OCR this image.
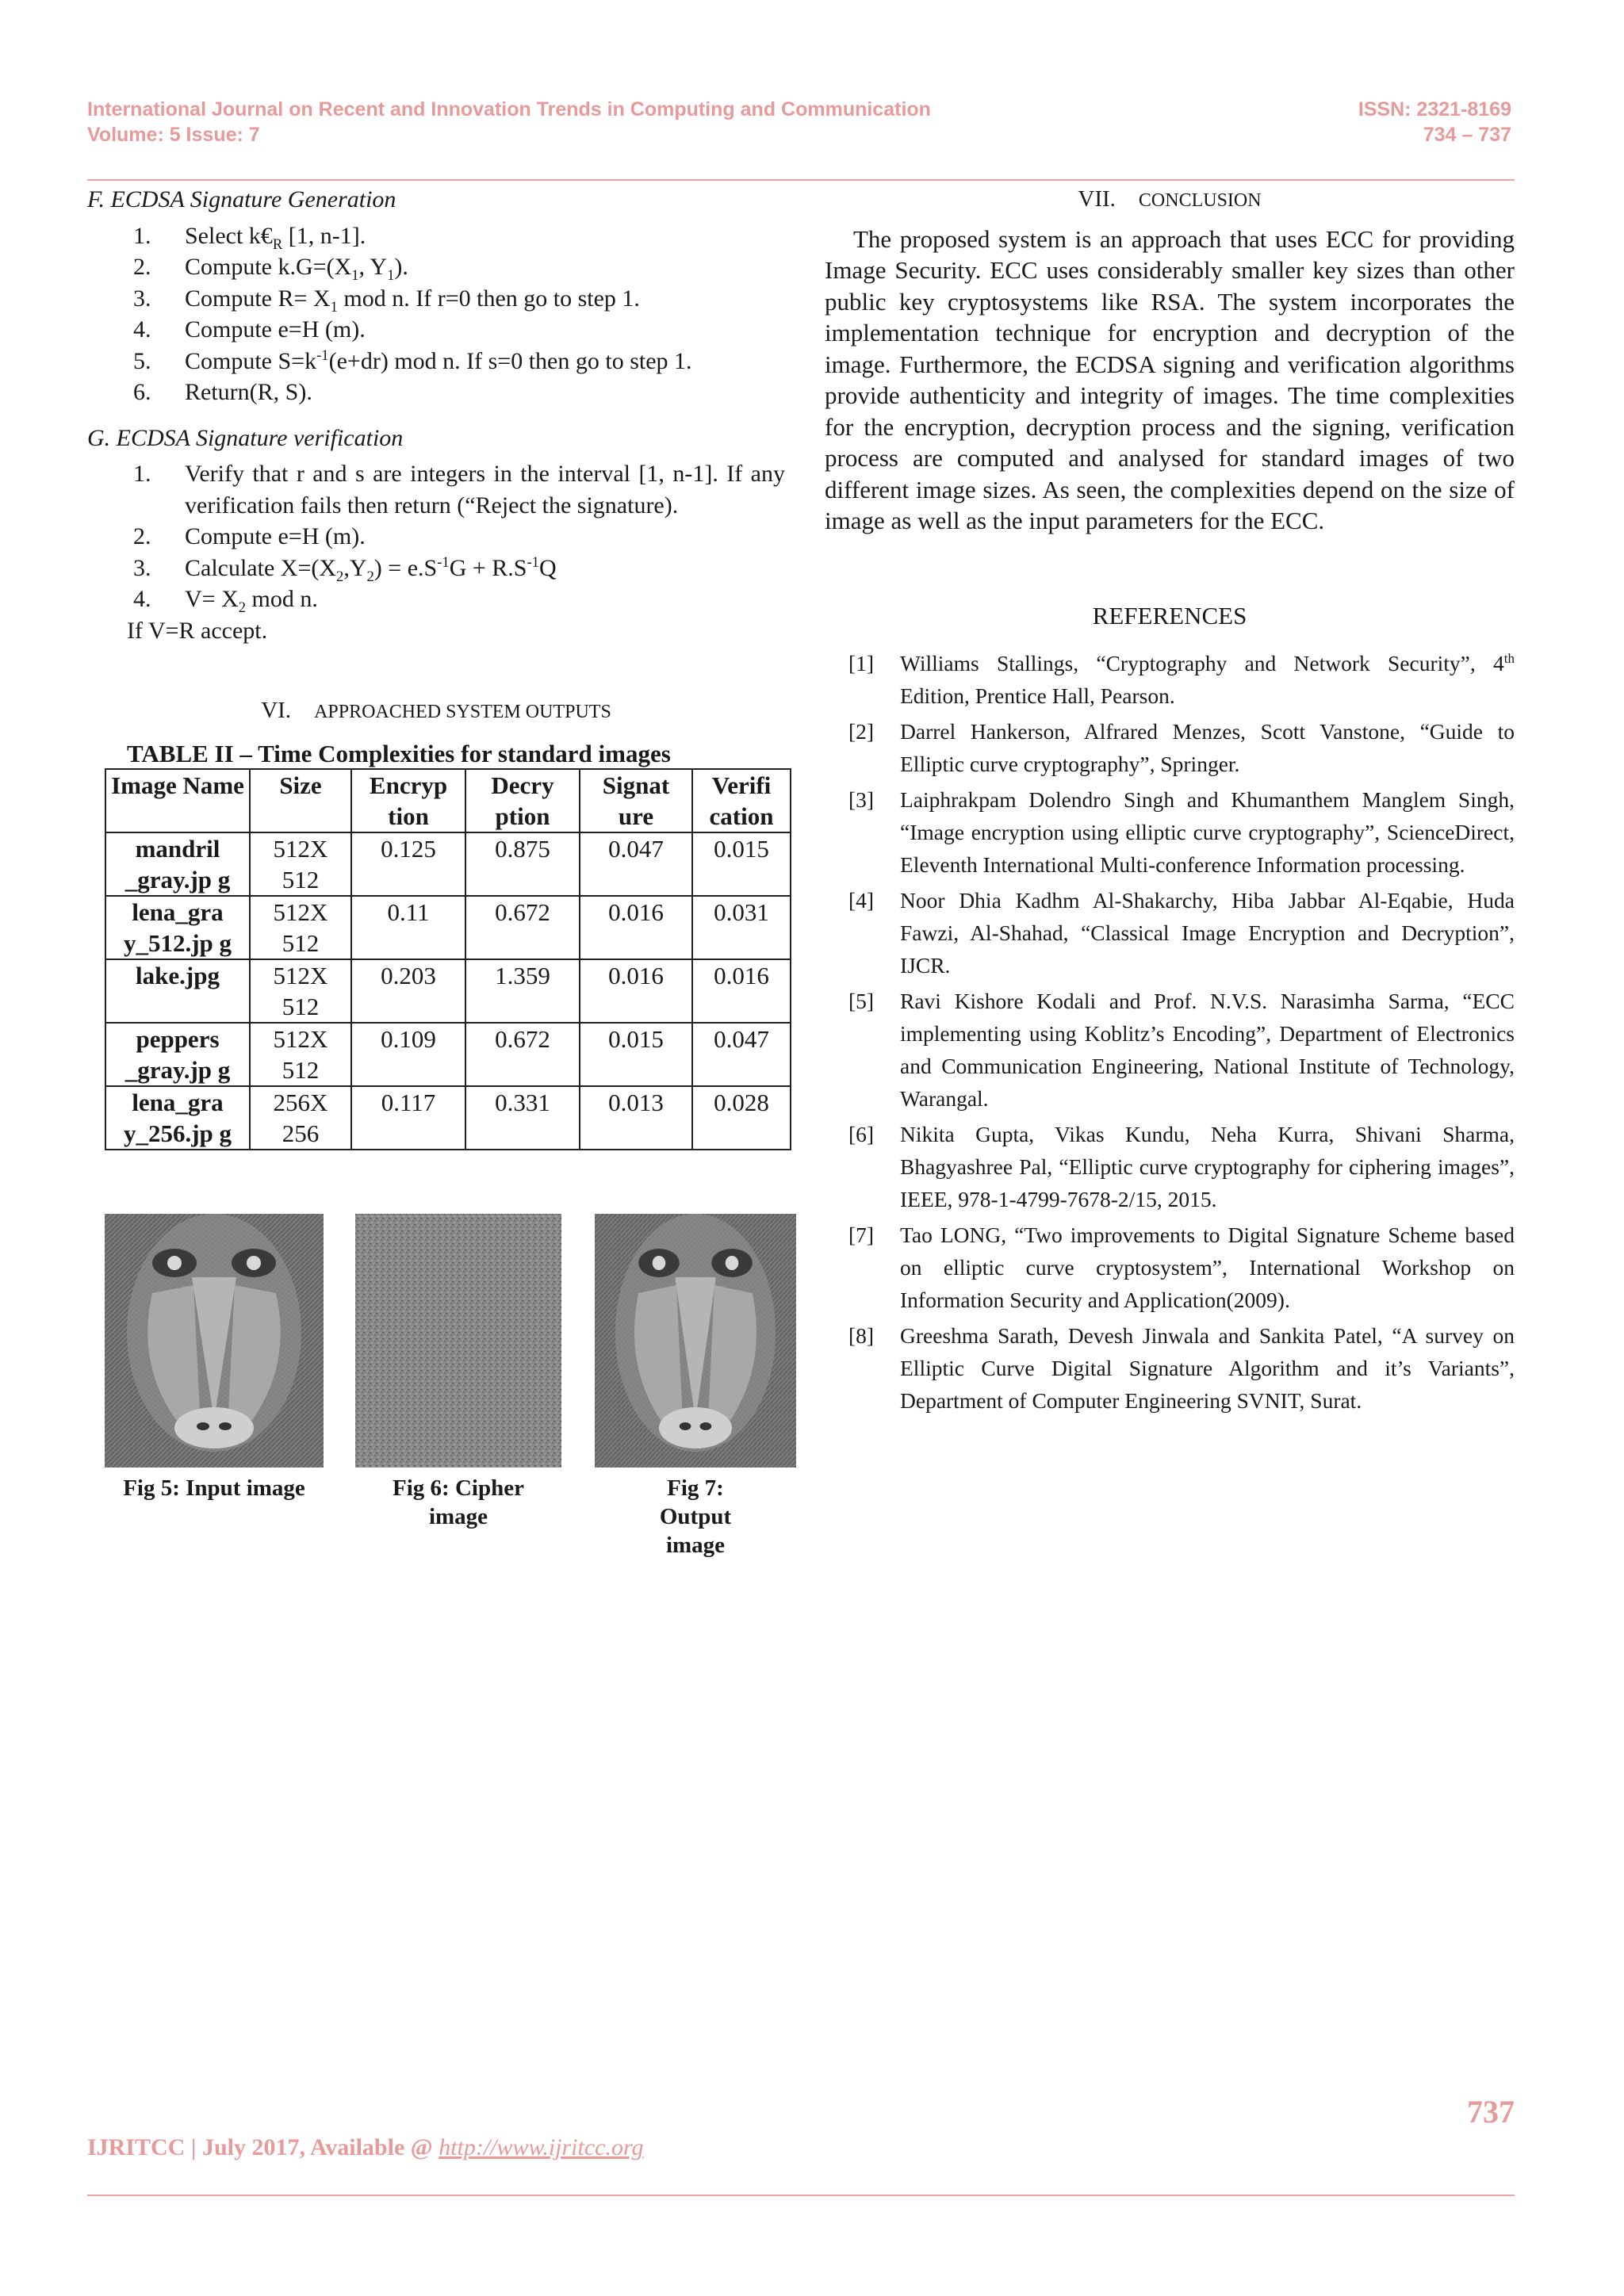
International Journal on Recent and Innovation Trends in Computing and Communication
Volume: 5 Issue: 7
ISSN: 2321-8169
734 – 737

F. ECDSA Signature Generation

1. Select $k€_R$ [1, n-1].
2. Compute $k.G=(X_1$, $Y_1$).
3. Compute $R= X_1$ mod n. If r=0 then go to step 1.
4. Compute e=H (m).
5. Compute $S=k^{-1}(e+dr)$ mod n. If s=0 then go to step 1.
6. Return(R, S).

G. ECDSA Signature verification

1. Verify that r and s are integers in the interval [1, n-1]. If any verification fails then return (“Reject the signature).
2. Compute e=H (m).
3. Calculate $X=(X_2,Y_2) = e.S^{-1}G + R.S^{-1}Q$
4. $V= X_2$ mod n.
If V=R accept.
VI. APPROACHED SYSTEM OUTPUTS
TABLE II – Time Complexities for standard images
Image Name	Size	Encryp tion	Decry ption	Signat ure	Verifi cation
mandril _gray.jp g	512X 512	0.125	0.875	0.047	0.015
lena_gra y_512.jp g	512X 512	0.11	0.672	0.016	0.031
lake.jpg	512X 512	0.203	1.359	0.016	0.016
peppers _gray.jp g	512X 512	0.109	0.672	0.015	0.047
lena_gra y_256.jp g	256X 256	0.117	0.331	0.013	0.028
Fig 5: Input image	Fig 6: Cipher image
Fig 7: Output image
VII. CONCLUSION

The proposed system is an approach that uses ECC for providing Image Security. ECC uses considerably smaller key sizes than other public key cryptosystems like RSA. The system incorporates the implementation technique for encryption and decryption of the image. Furthermore, the ECDSA signing and verification algorithms provide authenticity and integrity of images. The time complexities for the encryption, decryption process and the signing, verification process are computed and analysed for standard images of two different image sizes. As seen, the complexities depend on the size of image as well as the input parameters for the ECC.

REFERENCES
[1] Williams Stallings, “Cryptography and Network Security”, 4th Edition, Prentice Hall, Pearson.
[2] Darrel Hankerson, Alfrared Menzes, Scott Vanstone, “Guide to Elliptic curve cryptography”, Springer.
[3] Laiphrakpam Dolendro Singh and Khumanthem Manglem Singh, “Image encryption using elliptic curve cryptography”, ScienceDirect, Eleventh International Multi-conference Information processing.
[4] Noor Dhia Kadhm Al-Shakarchy, Hiba Jabbar Al-Eqabie, Huda Fawzi, Al-Shahad, “Classical Image Encryption and Decryption”, IJCR.
[5] Ravi Kishore Kodali and Prof. N.V.S. Narasimha Sarma, “ECC implementing using Koblitz’s Encoding”, Department of Electronics and Communication Engineering, National Institute of Technology, Warangal.
[6] Nikita Gupta, Vikas Kundu, Neha Kurra, Shivani Sharma, Bhagyashree Pal, “Elliptic curve cryptography for ciphering images”, IEEE, 978-1-4799-7678-2/15, 2015.
[7] Tao LONG, “Two improvements to Digital Signature Scheme based on elliptic curve cryptosystem”, International Workshop on Information Security and Application(2009).
[8] Greeshma Sarath, Devesh Jinwala and Sankita Patel, “A survey on Elliptic Curve Digital Signature Algorithm and it’s Variants”, Department of Computer Engineering SVNIT, Surat.
737
IJRITCC | July 2017, Available @ http://www.ijritcc.org
